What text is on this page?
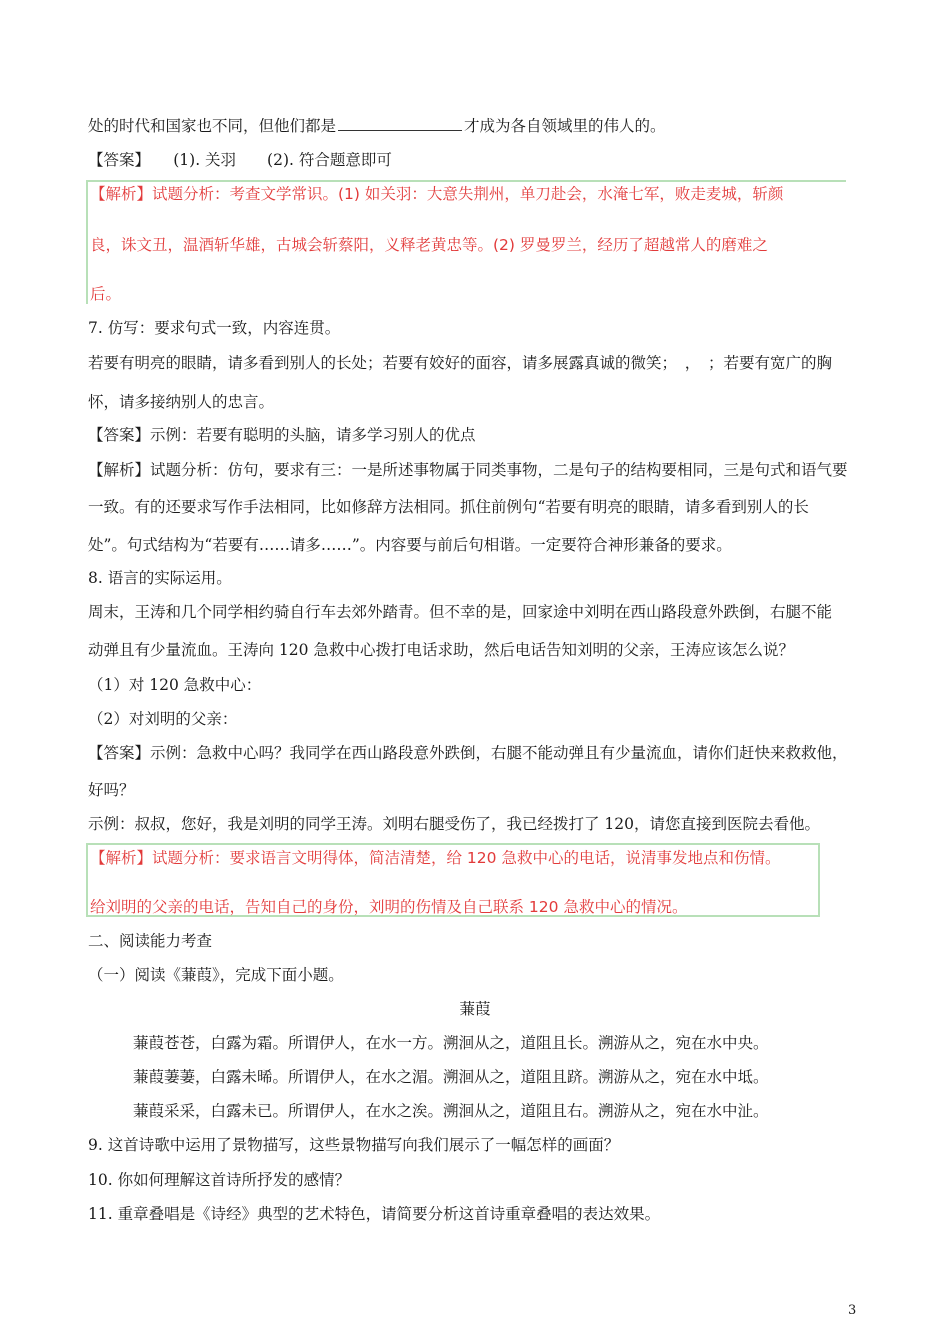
处的时代和国家也不同，但他们都是	才成为各自领域里的伟人的。
【答案】　　(1). 关羽　　(2). 符合题意即可
【解析】试题分析：考查文学常识。(1) 如关羽：大意失荆州，单刀赴会，水淹七军，败走麦城，斩颜
良，诛文丑，温酒斩华雄，古城会斩蔡阳，义释老黄忠等。(2) 罗曼罗兰，经历了超越常人的磨难之
后。
7. 仿写：要求句式一致，内容连贯。
若要有明亮的眼睛，请多看到别人的长处；若要有姣好的面容，请多展露真诚的微笑；　，　；若要有宽广的胸
怀，请多接纳别人的忠言。
【答案】示例：若要有聪明的头脑，请多学习别人的优点
【解析】试题分析：仿句，要求有三：一是所述事物属于同类事物，二是句子的结构要相同，三是句式和语气要
一致。有的还要求写作手法相同，比如修辞方法相同。抓住前例句“若要有明亮的眼睛，请多看到别人的长
处”。句式结构为“若要有……请多……”。内容要与前后句相谐。一定要符合神形兼备的要求。
8. 语言的实际运用。
周末，王涛和几个同学相约骑自行车去郊外踏青。但不幸的是，回家途中刘明在西山路段意外跌倒，右腿不能
动弹且有少量流血。王涛向 120 急救中心拨打电话求助，然后电话告知刘明的父亲，王涛应该怎么说？
（1）对 120 急救中心：
（2）对刘明的父亲：
【答案】示例：急救中心吗？我同学在西山路段意外跌倒，右腿不能动弹且有少量流血，请你们赶快来救救他，
好吗？
示例：叔叔，您好，我是刘明的同学王涛。刘明右腿受伤了，我已经拨打了 120，请您直接到医院去看他。
【解析】试题分析：要求语言文明得体，简洁清楚，给 120 急救中心的电话，说清事发地点和伤情。
给刘明的父亲的电话，告知自己的身份，刘明的伤情及自己联系 120 急救中心的情况。
二、阅读能力考查
（一）阅读《蒹葭》，完成下面小题。
蒹葭
蒹葭苍苍，白露为霜。所谓伊人，在水一方。溯洄从之，道阻且长。溯游从之，宛在水中央。
蒹葭萋萋，白露未晞。所谓伊人，在水之湄。溯洄从之，道阻且跻。溯游从之，宛在水中坻。
蒹葭采采，白露未已。所谓伊人，在水之涘。溯洄从之，道阻且右。溯游从之，宛在水中沚。
9. 这首诗歌中运用了景物描写，这些景物描写向我们展示了一幅怎样的画面？
10. 你如何理解这首诗所抒发的感情？
11. 重章叠唱是《诗经》典型的艺术特色，请简要分析这首诗重章叠唱的表达效果。
3
